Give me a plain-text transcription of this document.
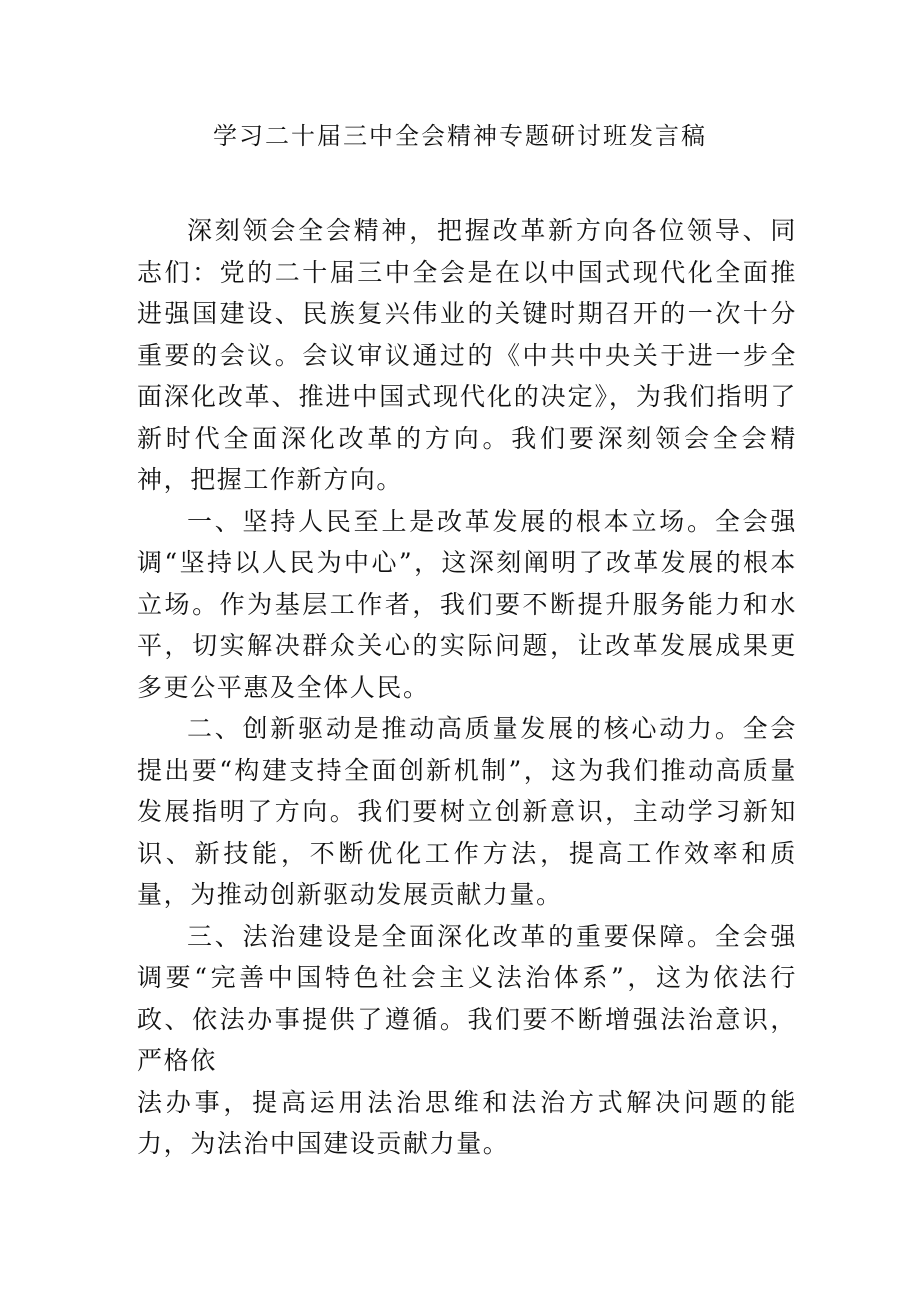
学习二十届三中全会精神专题研讨班发言稿

深刻领会全会精神，把握改革新方向各位领导、同志们：党的二十届三中全会是在以中国式现代化全面推进强国建设、民族复兴伟业的关键时期召开的一次十分重要的会议。会议审议通过的《中共中央关于进一步全面深化改革、推进中国式现代化的决定》，为我们指明了新时代全面深化改革的方向。我们要深刻领会全会精神，把握工作新方向。

一、坚持人民至上是改革发展的根本立场。全会强调“坚持以人民为中心”，这深刻阐明了改革发展的根本立场。作为基层工作者，我们要不断提升服务能力和水平，切实解决群众关心的实际问题，让改革发展成果更多更公平惠及全体人民。

二、创新驱动是推动高质量发展的核心动力。全会提出要“构建支持全面创新机制”，这为我们推动高质量发展指明了方向。我们要树立创新意识，主动学习新知识、新技能，不断优化工作方法，提高工作效率和质量，为推动创新驱动发展贡献力量。

三、法治建设是全面深化改革的重要保障。全会强调要“完善中国特色社会主义法治体系”，这为依法行政、依法办事提供了遵循。我们要不断增强法治意识，严格依

法办事，提高运用法治思维和法治方式解决问题的能力，为法治中国建设贡献力量。
